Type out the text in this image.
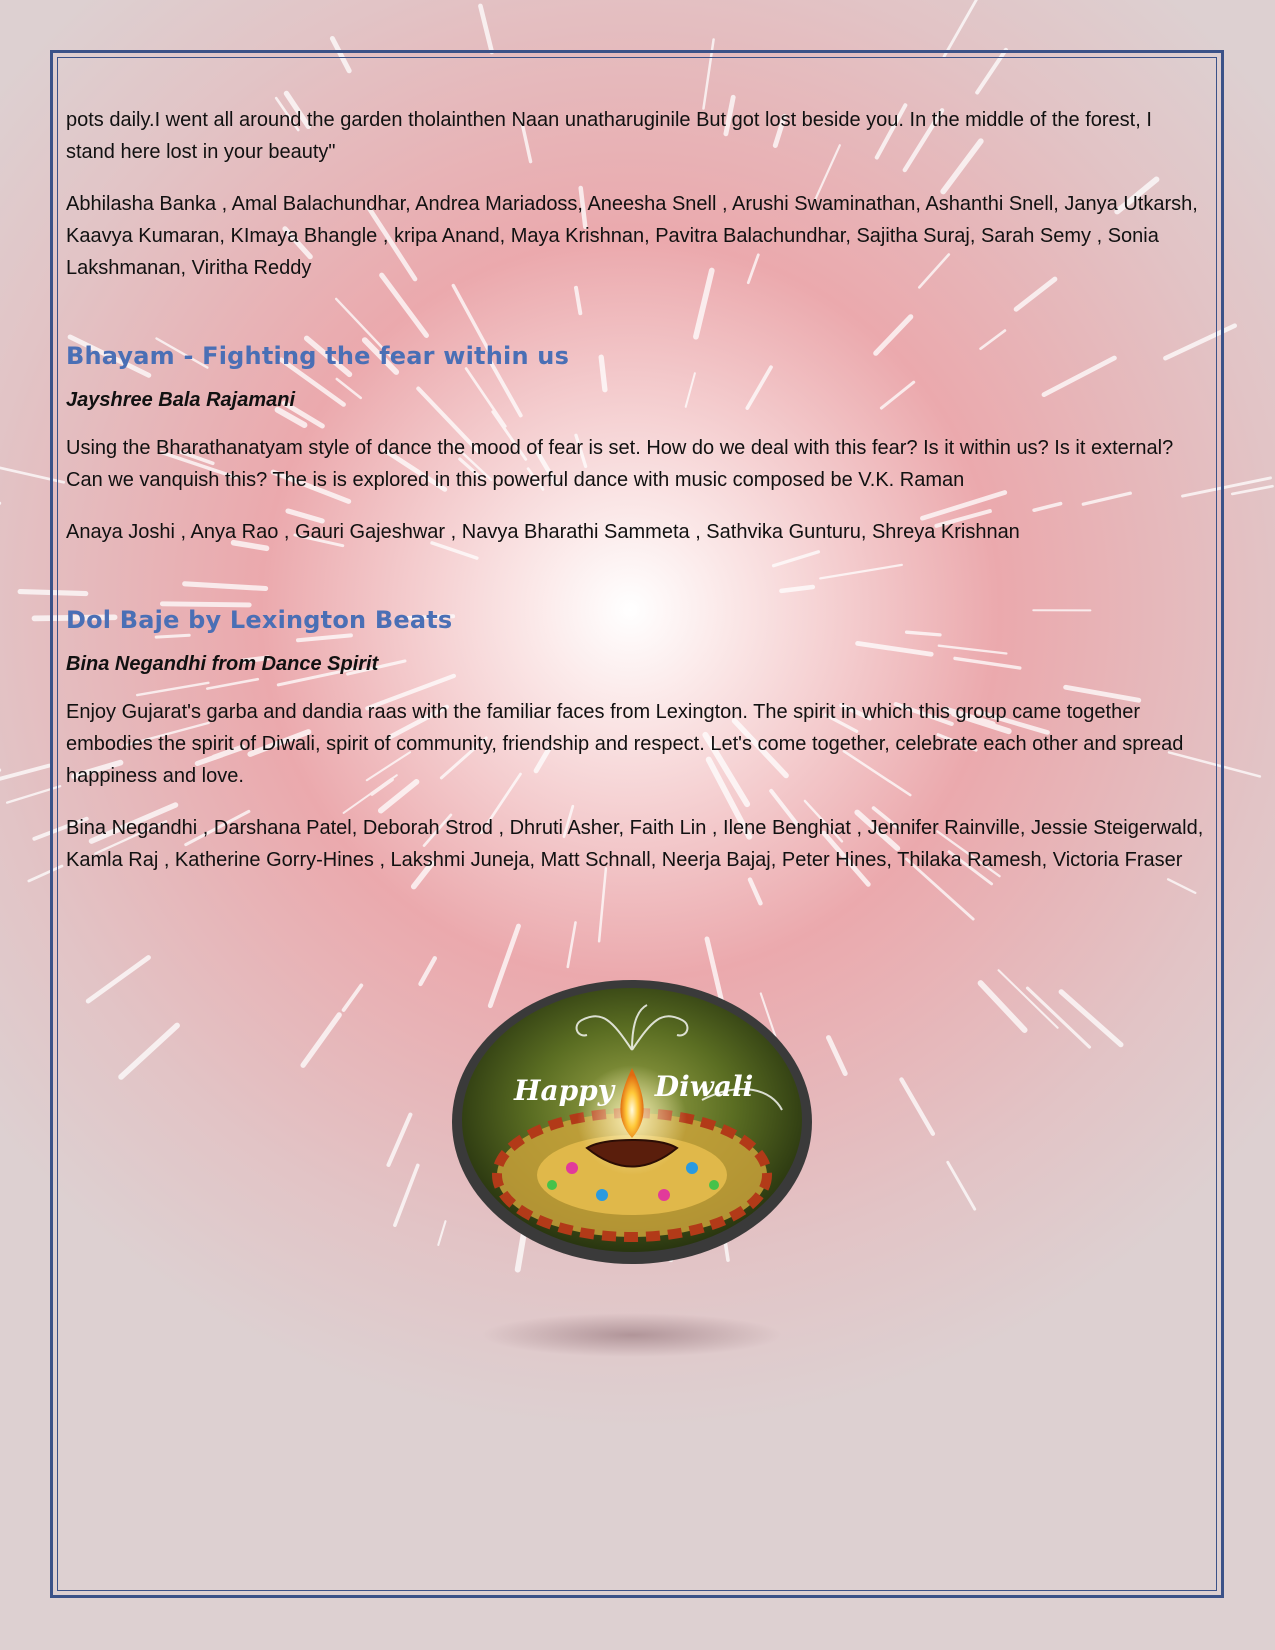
pots daily.I went all around the garden tholainthen Naan unatharuginile But got lost beside you. In the middle of the forest, I stand here lost in your beauty"

Abhilasha Banka , Amal Balachundhar, Andrea Mariadoss, Aneesha Snell , Arushi Swaminathan, Ashanthi Snell, Janya Utkarsh, Kaavya Kumaran, KImaya Bhangle , kripa Anand, Maya Krishnan, Pavitra Balachundhar, Sajitha Suraj, Sarah Semy , Sonia Lakshmanan, Viritha Reddy

Bhayam - Fighting the fear within us
Jayshree Bala Rajamani

Using the Bharathanatyam style of dance the mood of fear is set. How do we deal with this fear? Is it within us? Is it external? Can we vanquish this? The is is explored in this powerful dance with music composed be V.K. Raman

Anaya Joshi , Anya Rao , Gauri Gajeshwar , Navya Bharathi Sammeta , Sathvika Gunturu, Shreya Krishnan

Dol Baje by Lexington Beats
Bina Negandhi from Dance Spirit

Enjoy Gujarat's garba and dandia raas with the familiar faces from Lexington. The spirit in which this group came together embodies the spirit of Diwali, spirit of community, friendship and respect. Let's come together, celebrate each other and spread happiness and love.

Bina Negandhi , Darshana Patel, Deborah Strod , Dhruti Asher, Faith Lin , Ilene Benghiat , Jennifer Rainville, Jessie Steigerwald, Kamla Raj , Katherine Gorry-Hines , Lakshmi Juneja, Matt Schnall, Neerja Bajaj, Peter Hines, Thilaka Ramesh, Victoria Fraser

Happy Diwali
